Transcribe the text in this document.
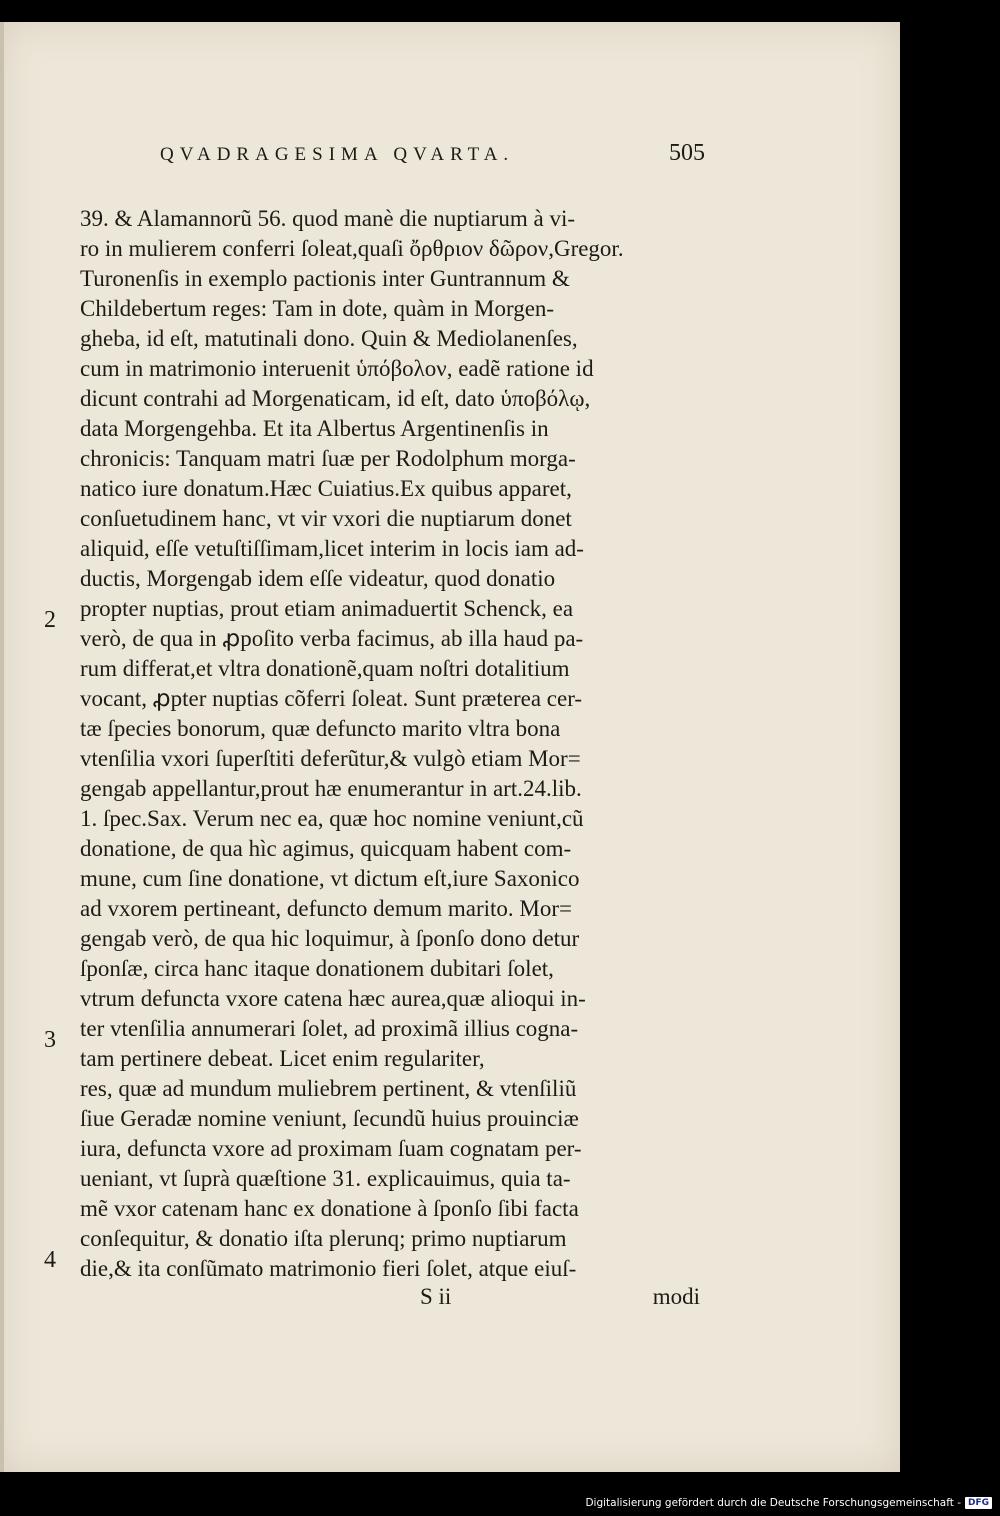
QVADRAGESIMA QVARTA.	505
39. & Alamannorũ 56. quod manè die nuptiarum à vi-
ro in mulierem conferri ſoleat,quaſi ὄρθριον δῶρον,Gregor.
Turonenſis in exemplo pactionis inter Guntrannum &
Childebertum reges: Tam in dote, quàm in Morgen-
gheba, id eſt, matutinali dono. Quin & Mediolanenſes,
cum in matrimonio interuenit ὑπόβολον, eadẽ ratione id
dicunt contrahi ad Morgenaticam, id eſt, dato ὑποβόλῳ,
data Morgengehba. Et ita Albertus Argentinenſis in
chronicis: Tanquam matri ſuæ per Rodolphum morga-
natico iure donatum.Hæc Cuiatius.Ex quibus apparet,
conſuetudinem hanc, vt vir vxori die nuptiarum donet
aliquid, eſſe vetuſtiſſimam,licet interim in locis iam ad-
ductis, Morgengab idem eſſe videatur, quod donatio
propter nuptias, prout etiam animaduertit Schenck, ea
verò, de qua in ꝓpoſito verba facimus, ab illa haud pa-
rum differat,et vltra donationẽ,quam noſtri dotalitium
vocant, ꝓpter nuptias cõferri ſoleat. Sunt præterea cer-
tæ ſpecies bonorum, quæ defuncto marito vltra bona
vtenſilia vxori ſuperſtiti deferũtur,& vulgò etiam Mor=
gengab appellantur,prout hæ enumerantur in art.24.lib.
1. ſpec.Sax. Verum nec ea, quæ hoc nomine veniunt,cũ
donatione, de qua hìc agimus, quicquam habent com-
mune, cum ſine donatione, vt dictum eſt,iure Saxonico
ad vxorem pertineant, defuncto demum marito. Mor=
gengab verò, de qua hic loquimur, à ſponſo dono detur
ſponſæ, circa hanc itaque donationem dubitari ſolet,
vtrum defuncta vxore catena hæc aurea,quæ alioqui in-
ter vtenſilia annumerari ſolet, ad proximã illius cogna-
tam pertinere debeat. Licet enim regulariter,
res, quæ ad mundum muliebrem pertinent, & vtenſiliũ
ſiue Geradæ nomine veniunt, ſecundũ huius prouinciæ
iura, defuncta vxore ad proximam ſuam cognatam per-
ueniant, vt ſuprà quæſtione 31. explicauimus, quia ta-
mẽ vxor catenam hanc ex donatione à ſponſo ſibi facta
conſequitur, & donatio iſta plerunq; primo nuptiarum
die,& ita conſũmato matrimonio fieri ſolet, atque eiuſ-
2
3
4
S ii	modi
Digitalisierung gefördert durch die Deutsche Forschungsgemeinschaft - DFG
